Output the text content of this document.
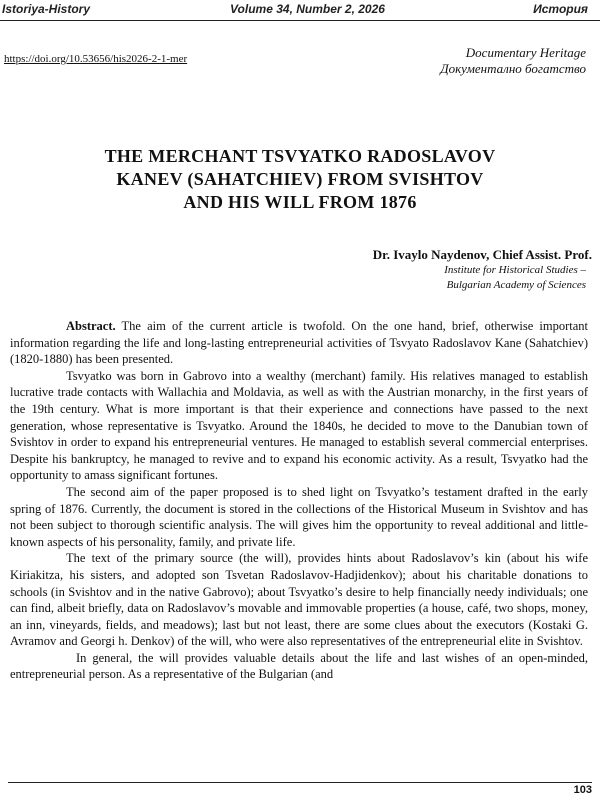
Istoriya-History	Volume 34, Number 2, 2026	История
https://doi.org/10.53656/his2026-2-1-mer	Documentary Heritage
Документално богатство
THE MERCHANT TSVYATKO RADOSLAVOV
KANEV (SAHATCHIEV) FROM SVISHTOV
AND HIS WILL FROM 1876
Dr. Ivaylo Naydenov, Chief Assist. Prof.
Institute for Historical Studies –
Bulgarian Academy of Sciences

Abstract. The aim of the current article is twofold. On the one hand, brief, otherwise important information regarding the life and long-lasting entrepreneurial activities of Tsvyato Radoslavov Kane (Sahatchiev) (1820-1880) has been presented.

Tsvyatko was born in Gabrovo into a wealthy (merchant) family. His relatives managed to establish lucrative trade contacts with Wallachia and Moldavia, as well as with the Austrian monarchy, in the first years of the 19th century. What is more important is that their experience and connections have passed to the next generation, whose representative is Tsvyatko. Around the 1840s, he decided to move to the Danubian town of Svishtov in order to expand his entrepreneurial ventures. He managed to establish several commercial enterprises. Despite his bankruptcy, he managed to revive and to expand his economic activity. As a result, Tsvyatko had the opportunity to amass significant fortunes.

The second aim of the paper proposed is to shed light on Tsvyatko’s testament drafted in the early spring of 1876. Currently, the document is stored in the collections of the Historical Museum in Svishtov and has not been subject to thorough scientific analysis. The will gives him the opportunity to reveal additional and little-known aspects of his personality, family, and private life.

The text of the primary source (the will), provides hints about Radoslavov’s kin (about his wife Kiriakitza, his sisters, and adopted son Tsvetan Radoslavov-Hadjidenkov); about his charitable donations to schools (in Svishtov and in the native Gabrovo); about Tsvyatko’s desire to help financially needy individuals; one can find, albeit briefly, data on Radoslavov’s movable and immovable properties (a house, café, two shops, money, an inn, vineyards, fields, and meadows); last but not least, there are some clues about the executors (Kostaki G. Avramov and Georgi h. Denkov) of the will, who were also representatives of the entrepreneurial elite in Svishtov.

In general, the will provides valuable details about the life and last wishes of an open-minded, entrepreneurial person. As a representative of the Bulgarian (and

103
